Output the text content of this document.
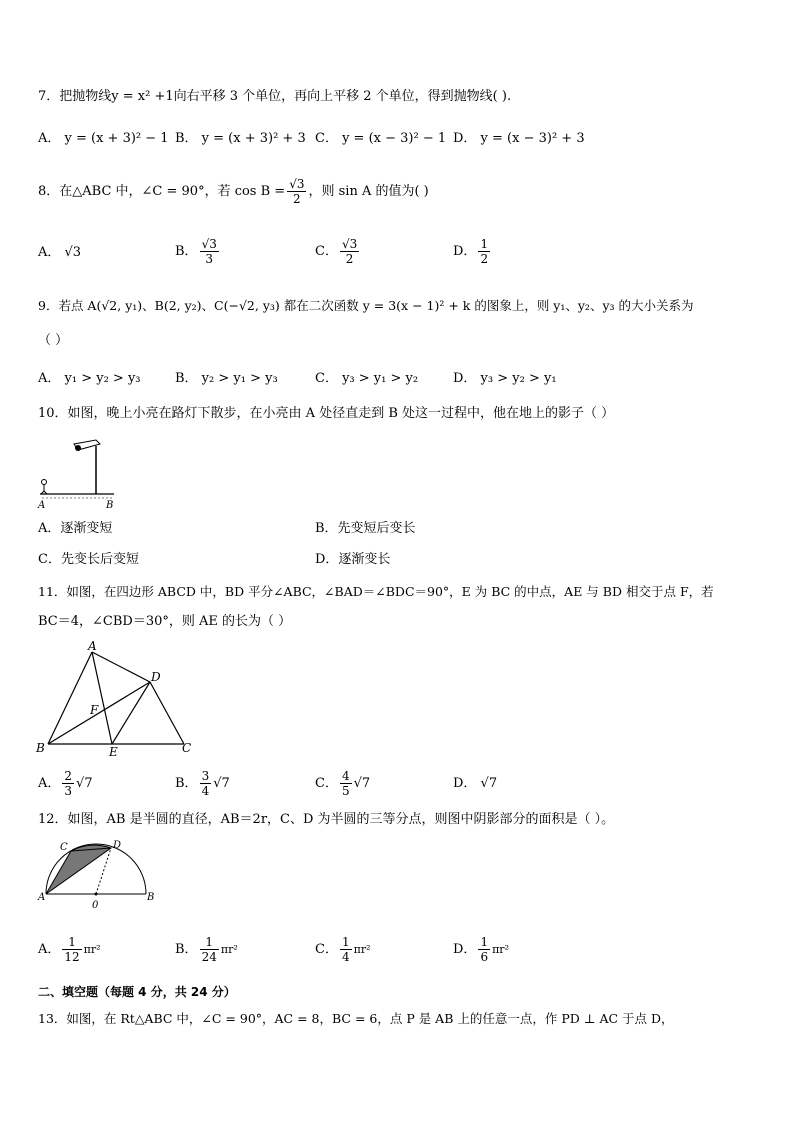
7．把抛物线y = x² +1向右平移 3 个单位，再向上平移 2 个单位，得到抛物线( ).
A． y = (x + 3)² − 1 B． y = (x + 3)² + 3 C． y = (x − 3)² − 1 D． y = (x − 3)² + 3
8．在△ABC 中，∠C = 90°，若 $\cos B = \frac{√3}{2}$ ，则 sin A 的值为( )
A． √3	B． $\frac{√3}{3}$	C． $\frac{√3}{2}$	D． $\frac{1}{2}$
9．若点 A(√2, y₁)、B(2, y₂)、C(−√2, y₃) 都在二次函数 y = 3(x − 1)² + k 的图象上，则 y₁、y₂、y₃ 的大小关系为
（ ）
A． y₁ > y₂ > y₃	B． y₂ > y₁ > y₃	C． y₃ > y₁ > y₂	D． y₃ > y₂ > y₁
10．如图，晚上小亮在路灯下散步，在小亮由 A 处径直走到 B 处这一过程中，他在地上的影子（ ）
A	B
A．逐渐变短	B．先变短后变长
C．先变长后变短	D．逐渐变长
11．如图，在四边形 ABCD 中，BD 平分∠ABC，∠BAD＝∠BDC＝90°，E 为 BC 的中点，AE 与 BD 相交于点 F，若
BC＝4，∠CBD＝30°，则 AE 的长为（ ）
A
B	C
D
E
F
A． $\frac{2}{3} √7$	B． $\frac{3}{4} √7$	C． $\frac{4}{5} √7$	D． √7
12．如图，AB 是半圆的直径，AB＝2r，C、D 为半圆的三等分点，则图中阴影部分的面积是（ ）。
C	D
A	B
0
A． $\frac{1}{12} \pi r^2$	B． $\frac{1}{24} \pi r^2$	C． $\frac{1}{4} \pi r^2$	D． $\frac{1}{6} \pi r^2$
二、填空题（每题 4 分，共 24 分）
13．如图，在 Rt△ABC 中，∠C = 90°，AC = 8，BC = 6，点 P 是 AB 上的任意一点，作 PD ⊥ AC 于点 D，
